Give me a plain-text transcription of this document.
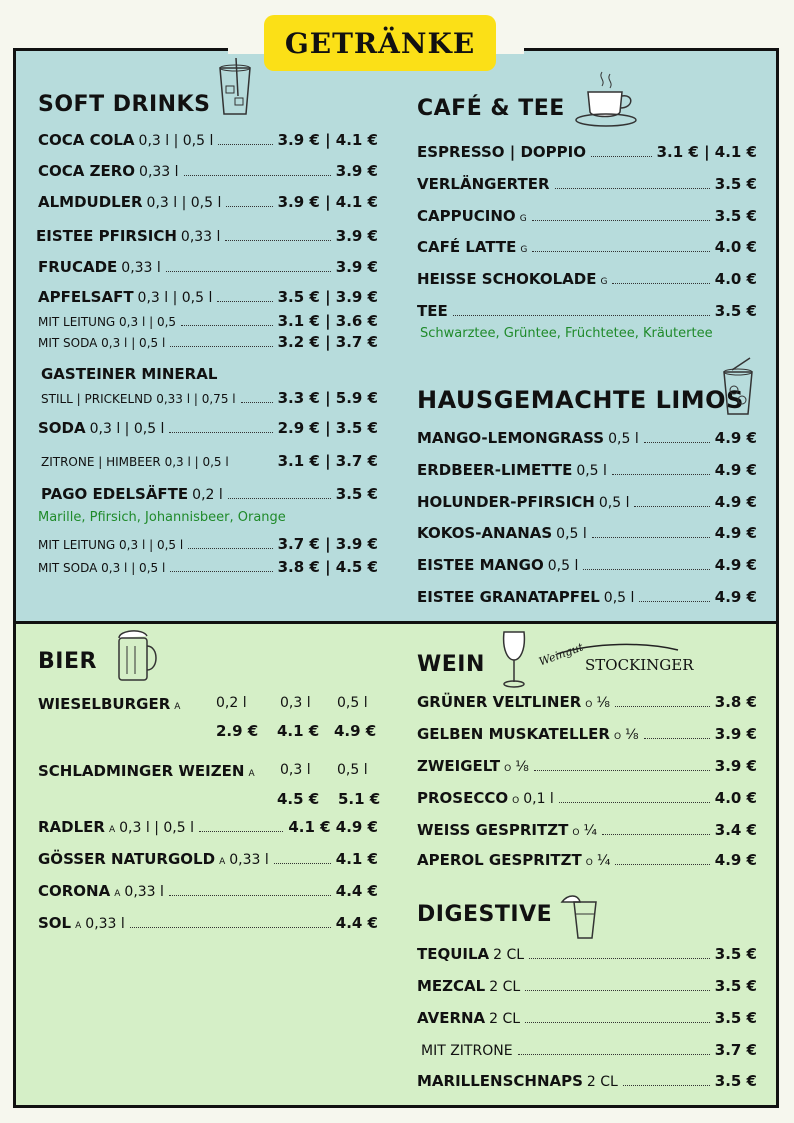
GETRÄNKE
SOFT DRINKS
COCA COLA 0,3 l | 0,5 l	3.9 € | 4.1 €
COCA ZERO 0,33 l	3.9 €
ALMDUDLER 0,3 l | 0,5 l	3.9 € | 4.1 €
EISTEE PFIRSICH 0,33 l	3.9 €
FRUCADE 0,33 l	3.9 €
APFELSAFT 0,3 l | 0,5 l	3.5 € | 3.9 €
MIT LEITUNG 0,3 l | 0,5	3.1 € | 3.6 €
MIT SODA 0,3 l | 0,5 l	3.2 € | 3.7 €
GASTEINER MINERAL
STILL | PRICKELND 0,33 l | 0,75 l	3.3 € | 5.9 €
SODA 0,3 l | 0,5 l	2.9 € | 3.5 €
ZITRONE | HIMBEER 0,3 l | 0,5 l	3.1 € | 3.7 €
PAGO EDELSÄFTE 0,2 l	3.5 €
Marille, Pfirsich, Johannisbeer, Orange
MIT LEITUNG 0,3 l | 0,5 l	3.7 € | 3.9 €
MIT SODA 0,3 l | 0,5 l	3.8 € | 4.5 €
CAFÉ & TEE
ESPRESSO | DOPPIO	3.1 € | 4.1 €
VERLÄNGERTER	3.5 €
CAPPUCINO G	3.5 €
CAFÉ LATTE G	4.0 €
HEISSE SCHOKOLADE G	4.0 €
TEE	3.5 €
Schwarztee, Grüntee, Früchtetee, Kräutertee
HAUSGEMACHTE LIMOS
MANGO-LEMONGRASS 0,5 l	4.9 €
ERDBEER-LIMETTE 0,5 l	4.9 €
HOLUNDER-PFIRSICH 0,5 l	4.9 €
KOKOS-ANANAS 0,5 l	4.9 €
EISTEE MANGO 0,5 l	4.9 €
EISTEE GRANATAPFEL 0,5 l	4.9 €
BIER
WIESELBURGER A	0,2 l 0,3 l 0,5 l
2.9 € 4.1 € 4.9 €
SCHLADMINGER WEIZEN A 0,3 l 0,5 l
4.5 € 5.1 €
RADLER A 0,3 l | 0,5 l	4.1 € 4.9 €
GÖSSER NATURGOLD A 0,33 l	4.1 €
CORONA A 0,33 l	4.4 €
SOL A 0,33 l	4.4 €
WEIN	Weingut STOCKINGER
GRÜNER VELTLINER O ⅛	3.8 €
GELBEN MUSKATELLER O ⅛	3.9 €
ZWEIGELT O ⅛	3.9 €
PROSECCO O 0,1 l	4.0 €
WEISS GESPRITZT O ¼	3.4 €
APEROL GESPRITZT O ¼	4.9 €
DIGESTIVE
TEQUILA 2 CL	3.5 €
MEZCAL 2 CL	3.5 €
AVERNA 2 CL	3.5 €
MIT ZITRONE	3.7 €
MARILLENSCHNAPS 2 CL	3.5 €
